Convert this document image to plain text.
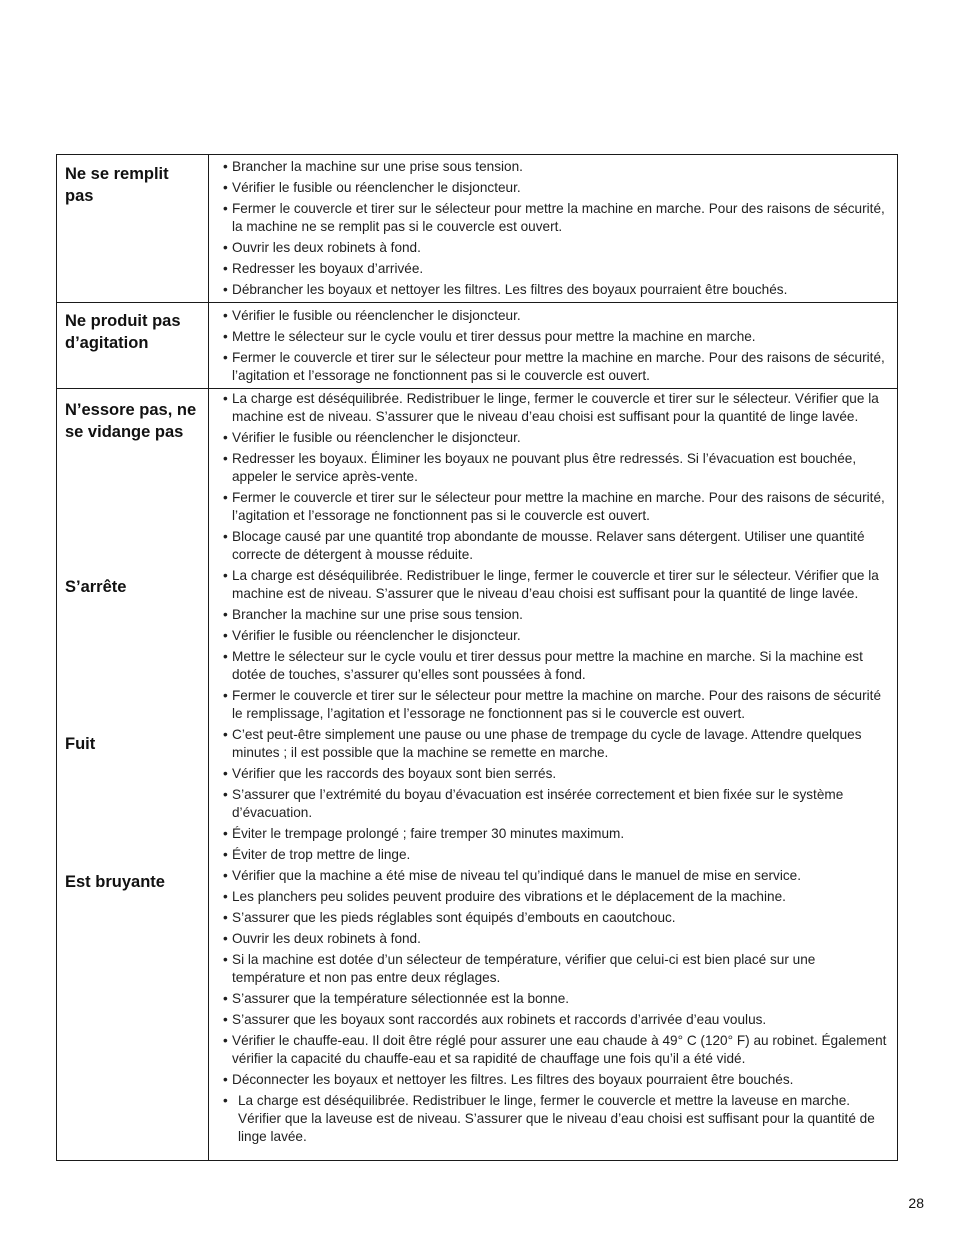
Ne se remplit pas
• Brancher la machine sur une prise sous tension.
• Vérifier le fusible ou réenclencher le disjoncteur.
• Fermer le couvercle et tirer sur le sélecteur pour mettre la machine en marche. Pour des raisons de sécurité, la machine ne se remplit pas si le couvercle est ouvert.
• Ouvrir les deux robinets à fond.
• Redresser les boyaux d’arrivée.
• Débrancher les boyaux et nettoyer les filtres. Les filtres des boyaux pourraient être bouchés.
Ne produit pas d’agitation
• Vérifier le fusible ou réenclencher le disjoncteur.
• Mettre le sélecteur sur le cycle voulu et tirer dessus pour mettre la machine en marche.
• Fermer le couvercle et tirer sur le sélecteur pour mettre la machine en marche. Pour des raisons de sécurité, l’agitation et l’essorage ne fonctionnent pas si le couvercle est ouvert.
N’essore pas, ne se vidange pas
S’arrête
Fuit
Est bruyante
• La charge est déséquilibrée. Redistribuer le linge, fermer le couvercle et tirer sur le sélecteur. Vérifier que la machine est de niveau. S’assurer que le niveau d’eau choisi est suffisant pour la quantité de linge lavée.
• Vérifier le fusible ou réenclencher le disjoncteur.
• Redresser les boyaux. Éliminer les boyaux ne pouvant plus être redressés. Si l’évacuation est bouchée, appeler le service après-vente.
• Fermer le couvercle et tirer sur le sélecteur pour mettre la machine en marche. Pour des raisons de sécurité, l’agitation et l’essorage ne fonctionnent pas si le couvercle est ouvert.
• Blocage causé par une quantité trop abondante de mousse. Relaver sans détergent. Utiliser une quantité correcte de détergent à mousse réduite.
• La charge est déséquilibrée. Redistribuer le linge, fermer le couvercle et tirer sur le sélecteur. Vérifier que la machine est de niveau. S’assurer que le niveau d’eau choisi est suffisant pour la quantité de linge lavée.
• Brancher la machine sur une prise sous tension.
• Vérifier le fusible ou réenclencher le disjoncteur.
• Mettre le sélecteur sur le cycle voulu et tirer dessus pour mettre la machine en marche. Si la machine est dotée de touches, s’assurer qu’elles sont poussées à fond.
• Fermer le couvercle et tirer sur le sélecteur pour mettre la machine on marche. Pour des raisons de sécurité le remplissage, l’agitation et l’essorage ne fonctionnent pas si le couvercle est ouvert.
• C’est peut-être simplement une pause ou une phase de trempage du cycle de lavage. Attendre quelques minutes ; il est possible que la machine se remette en marche.
• Vérifier que les raccords des boyaux sont bien serrés.
• S’assurer que l’extrémité du boyau d’évacuation est insérée correctement et bien fixée sur le système d’évacuation.
• Éviter le trempage prolongé ; faire tremper 30 minutes maximum.
• Éviter de trop mettre de linge.
• Vérifier que la machine a été mise de niveau tel qu’indiqué dans le manuel de mise en service.
• Les planchers peu solides peuvent produire des vibrations et le déplacement de la machine.
• S’assurer que les pieds réglables sont équipés d’embouts en caoutchouc.
• Ouvrir les deux robinets à fond.
• Si la machine est dotée d’un sélecteur de température, vérifier que celui-ci est bien placé sur une température et non pas entre deux réglages.
• S’assurer que la température sélectionnée est la bonne.
• S’assurer que les boyaux sont raccordés aux robinets et raccords d’arrivée d’eau voulus.
• Vérifier le chauffe-eau. Il doit être réglé pour assurer une eau chaude à 49° C (120° F) au robinet. Également vérifier la capacité du chauffe-eau et sa rapidité de chauffage une fois qu’il a été vidé.
• Déconnecter les boyaux et nettoyer les filtres. Les filtres des boyaux pourraient être bouchés.
• La charge est déséquilibrée. Redistribuer le linge, fermer le couvercle et mettre la laveuse en marche. Vérifier que la laveuse est de niveau. S’assurer que le niveau d’eau choisi est suffisant pour la quantité de linge lavée.
28
